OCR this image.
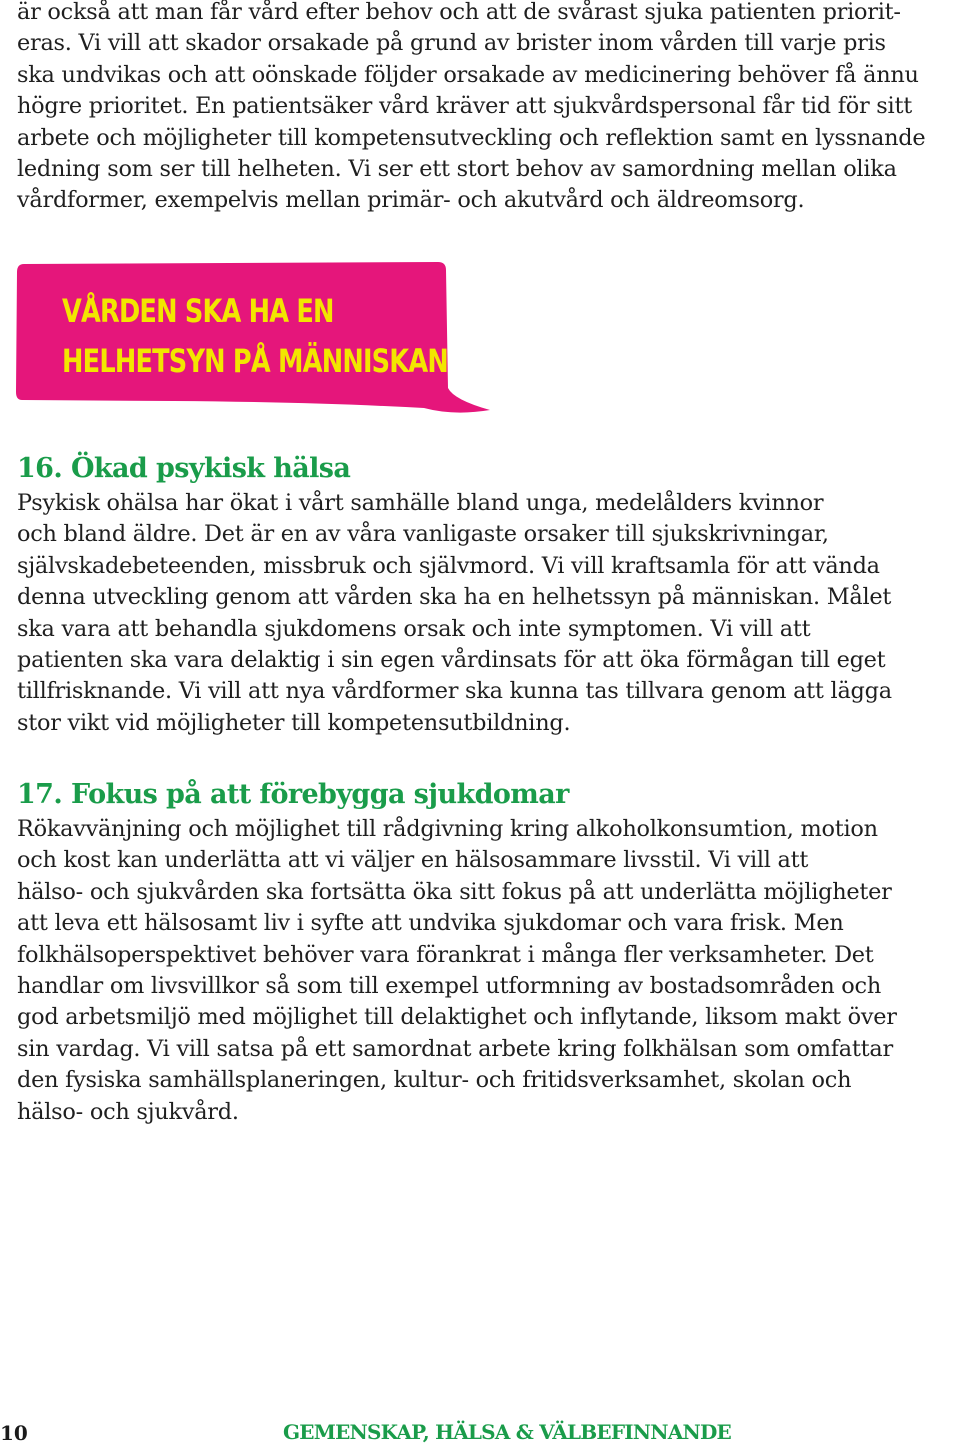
är också att man får vård efter behov och att de svårast sjuka patienten priorit-
eras. Vi vill att skador orsakade på grund av brister inom vården till varje pris
ska undvikas och att oönskade följder orsakade av medicinering behöver få ännu
högre prioritet. En patientsäker vård kräver att sjukvårdspersonal får tid för sitt
arbete och möjligheter till kompetensutveckling och reflektion samt en lyssnande
ledning som ser till helheten. Vi ser ett stort behov av samordning mellan olika
vårdformer, exempelvis mellan primär- och akutvård och äldreomsorg.
VÅRDEN SKA HA EN
HELHETSYN PÅ MÄNNISKAN
16. Ökad psykisk hälsa
Psykisk ohälsa har ökat i vårt samhälle bland unga, medelålders kvinnor
och bland äldre. Det är en av våra vanligaste orsaker till sjukskrivningar,
självskadebeteenden, missbruk och självmord. Vi vill kraftsamla för att vända
denna utveckling genom att vården ska ha en helhetssyn på människan. Målet
ska vara att behandla sjukdomens orsak och inte symptomen. Vi vill att
patienten ska vara delaktig i sin egen vårdinsats för att öka förmågan till eget
tillfrisknande. Vi vill att nya vårdformer ska kunna tas tillvara genom att lägga
stor vikt vid möjligheter till kompetensutbildning.
17. Fokus på att förebygga sjukdomar
Rökavvänjning och möjlighet till rådgivning kring alkoholkonsumtion, motion
och kost kan underlätta att vi väljer en hälsosammare livsstil. Vi vill att
hälso- och sjukvården ska fortsätta öka sitt fokus på att underlätta möjligheter
att leva ett hälsosamt liv i syfte att undvika sjukdomar och vara frisk. Men
folkhälsoperspektivet behöver vara förankrat i många fler verksamheter. Det
handlar om livsvillkor så som till exempel utformning av bostadsområden och
god arbetsmiljö med möjlighet till delaktighet och inflytande, liksom makt över
sin vardag. Vi vill satsa på ett samordnat arbete kring folkhälsan som omfattar
den fysiska samhällsplaneringen, kultur- och fritidsverksamhet, skolan och
hälso- och sjukvård.
10	GEMENSKAP, HÄLSA & VÄLBEFINNANDE
